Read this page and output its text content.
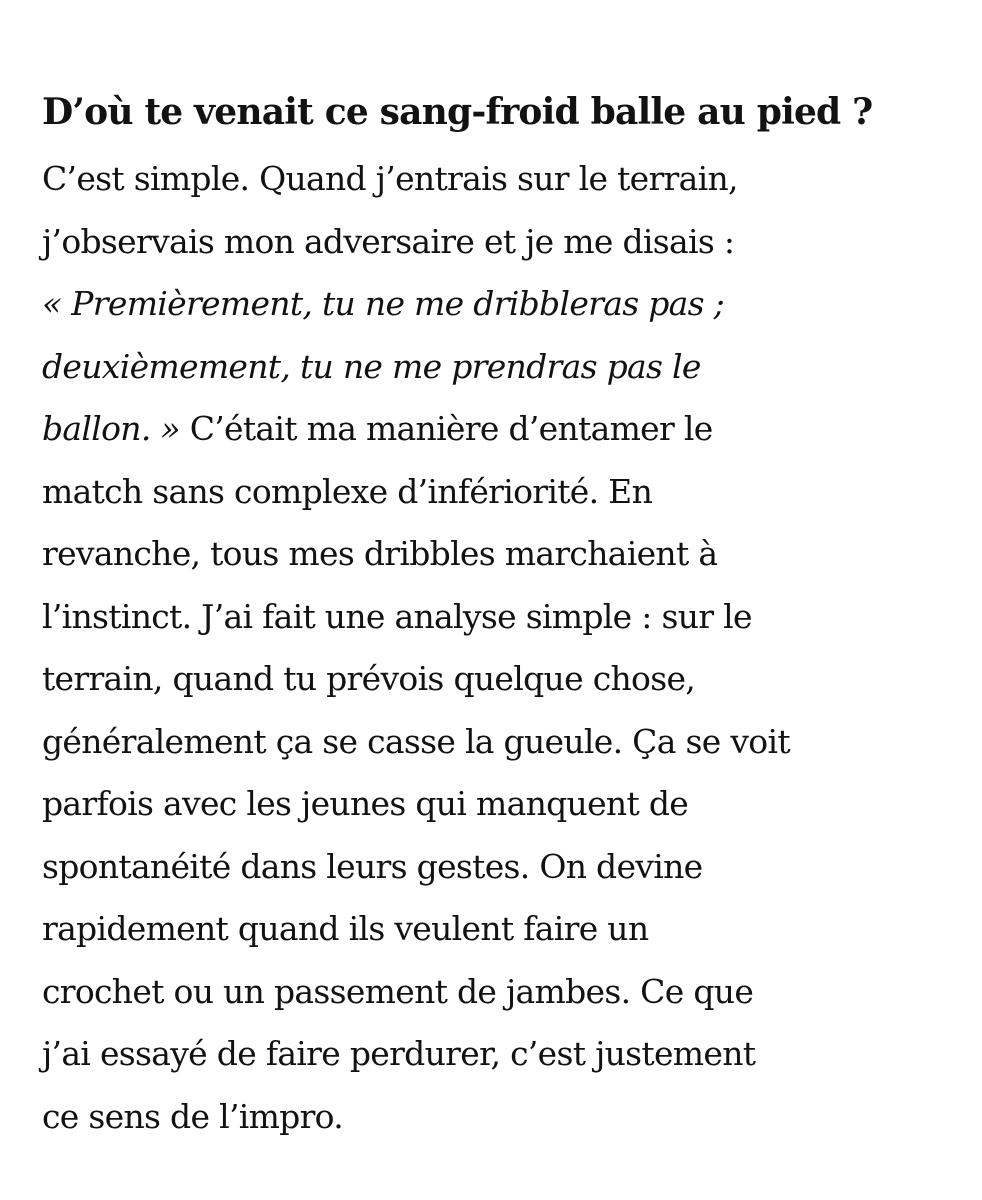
D’où te venait ce sang-froid balle au pied ?

C’est simple. Quand j’entrais sur le terrain,
j’observais mon adversaire et je me disais :
« Premièrement, tu ne me dribbleras pas ;
deuxièmement, tu ne me prendras pas le
ballon. » C’était ma manière d’entamer le
match sans complexe d’infériorité. En
revanche, tous mes dribbles marchaient à
l’instinct. J’ai fait une analyse simple : sur le
terrain, quand tu prévois quelque chose,
généralement ça se casse la gueule. Ça se voit
parfois avec les jeunes qui manquent de
spontanéité dans leurs gestes. On devine
rapidement quand ils veulent faire un
crochet ou un passement de jambes. Ce que
j’ai essayé de faire perdurer, c’est justement
ce sens de l’impro.
